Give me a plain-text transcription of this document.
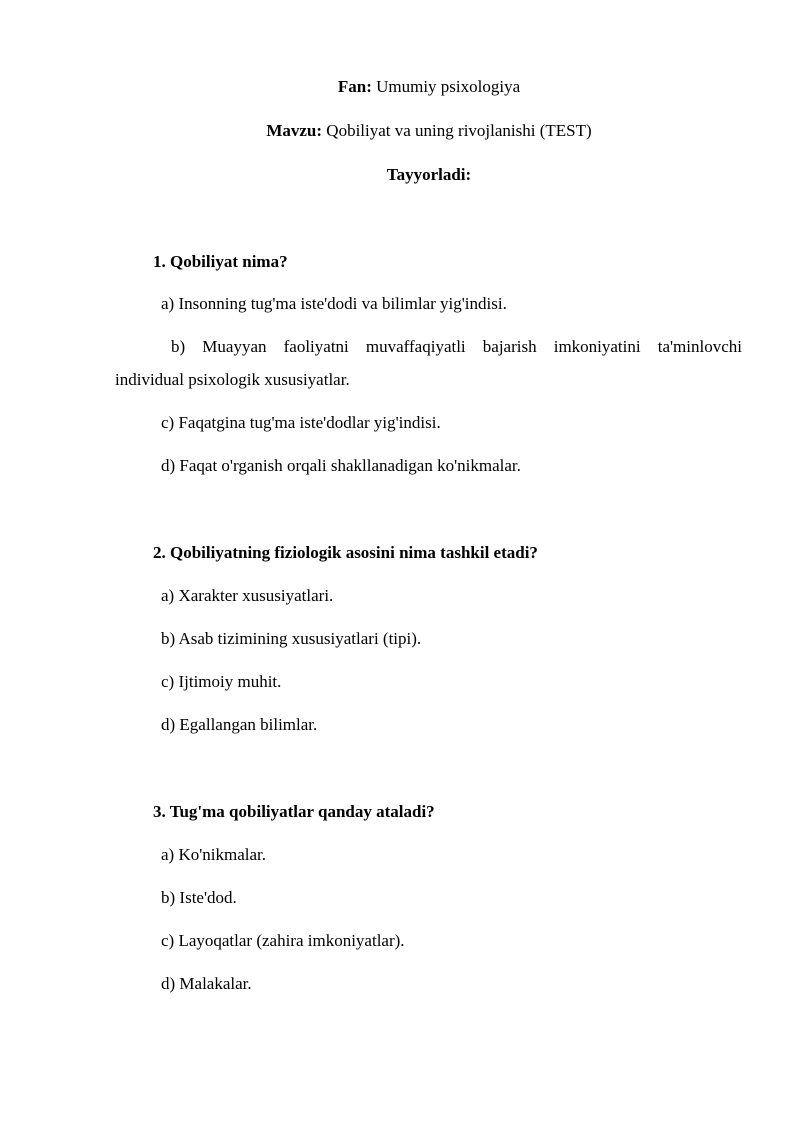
Fan: Umumiy psixologiya
Mavzu: Qobiliyat va uning rivojlanishi (TEST)
Tayyorladi:
1. Qobiliyat nima?
a) Insonning tug'ma iste'dodi va bilimlar yig'indisi.
b) Muayyan faoliyatni muvaffaqiyatli bajarish imkoniyatini ta'minlovchi
individual psixologik xususiyatlar.
c) Faqatgina tug'ma iste'dodlar yig'indisi.
d) Faqat o'rganish orqali shakllanadigan ko'nikmalar.
2. Qobiliyatning fiziologik asosini nima tashkil etadi?
a) Xarakter xususiyatlari.
b) Asab tizimining xususiyatlari (tipi).
c) Ijtimoiy muhit.
d) Egallangan bilimlar.
3. Tug'ma qobiliyatlar qanday ataladi?
a) Ko'nikmalar.
b) Iste'dod.
c) Layoqatlar (zahira imkoniyatlar).
d) Malakalar.
